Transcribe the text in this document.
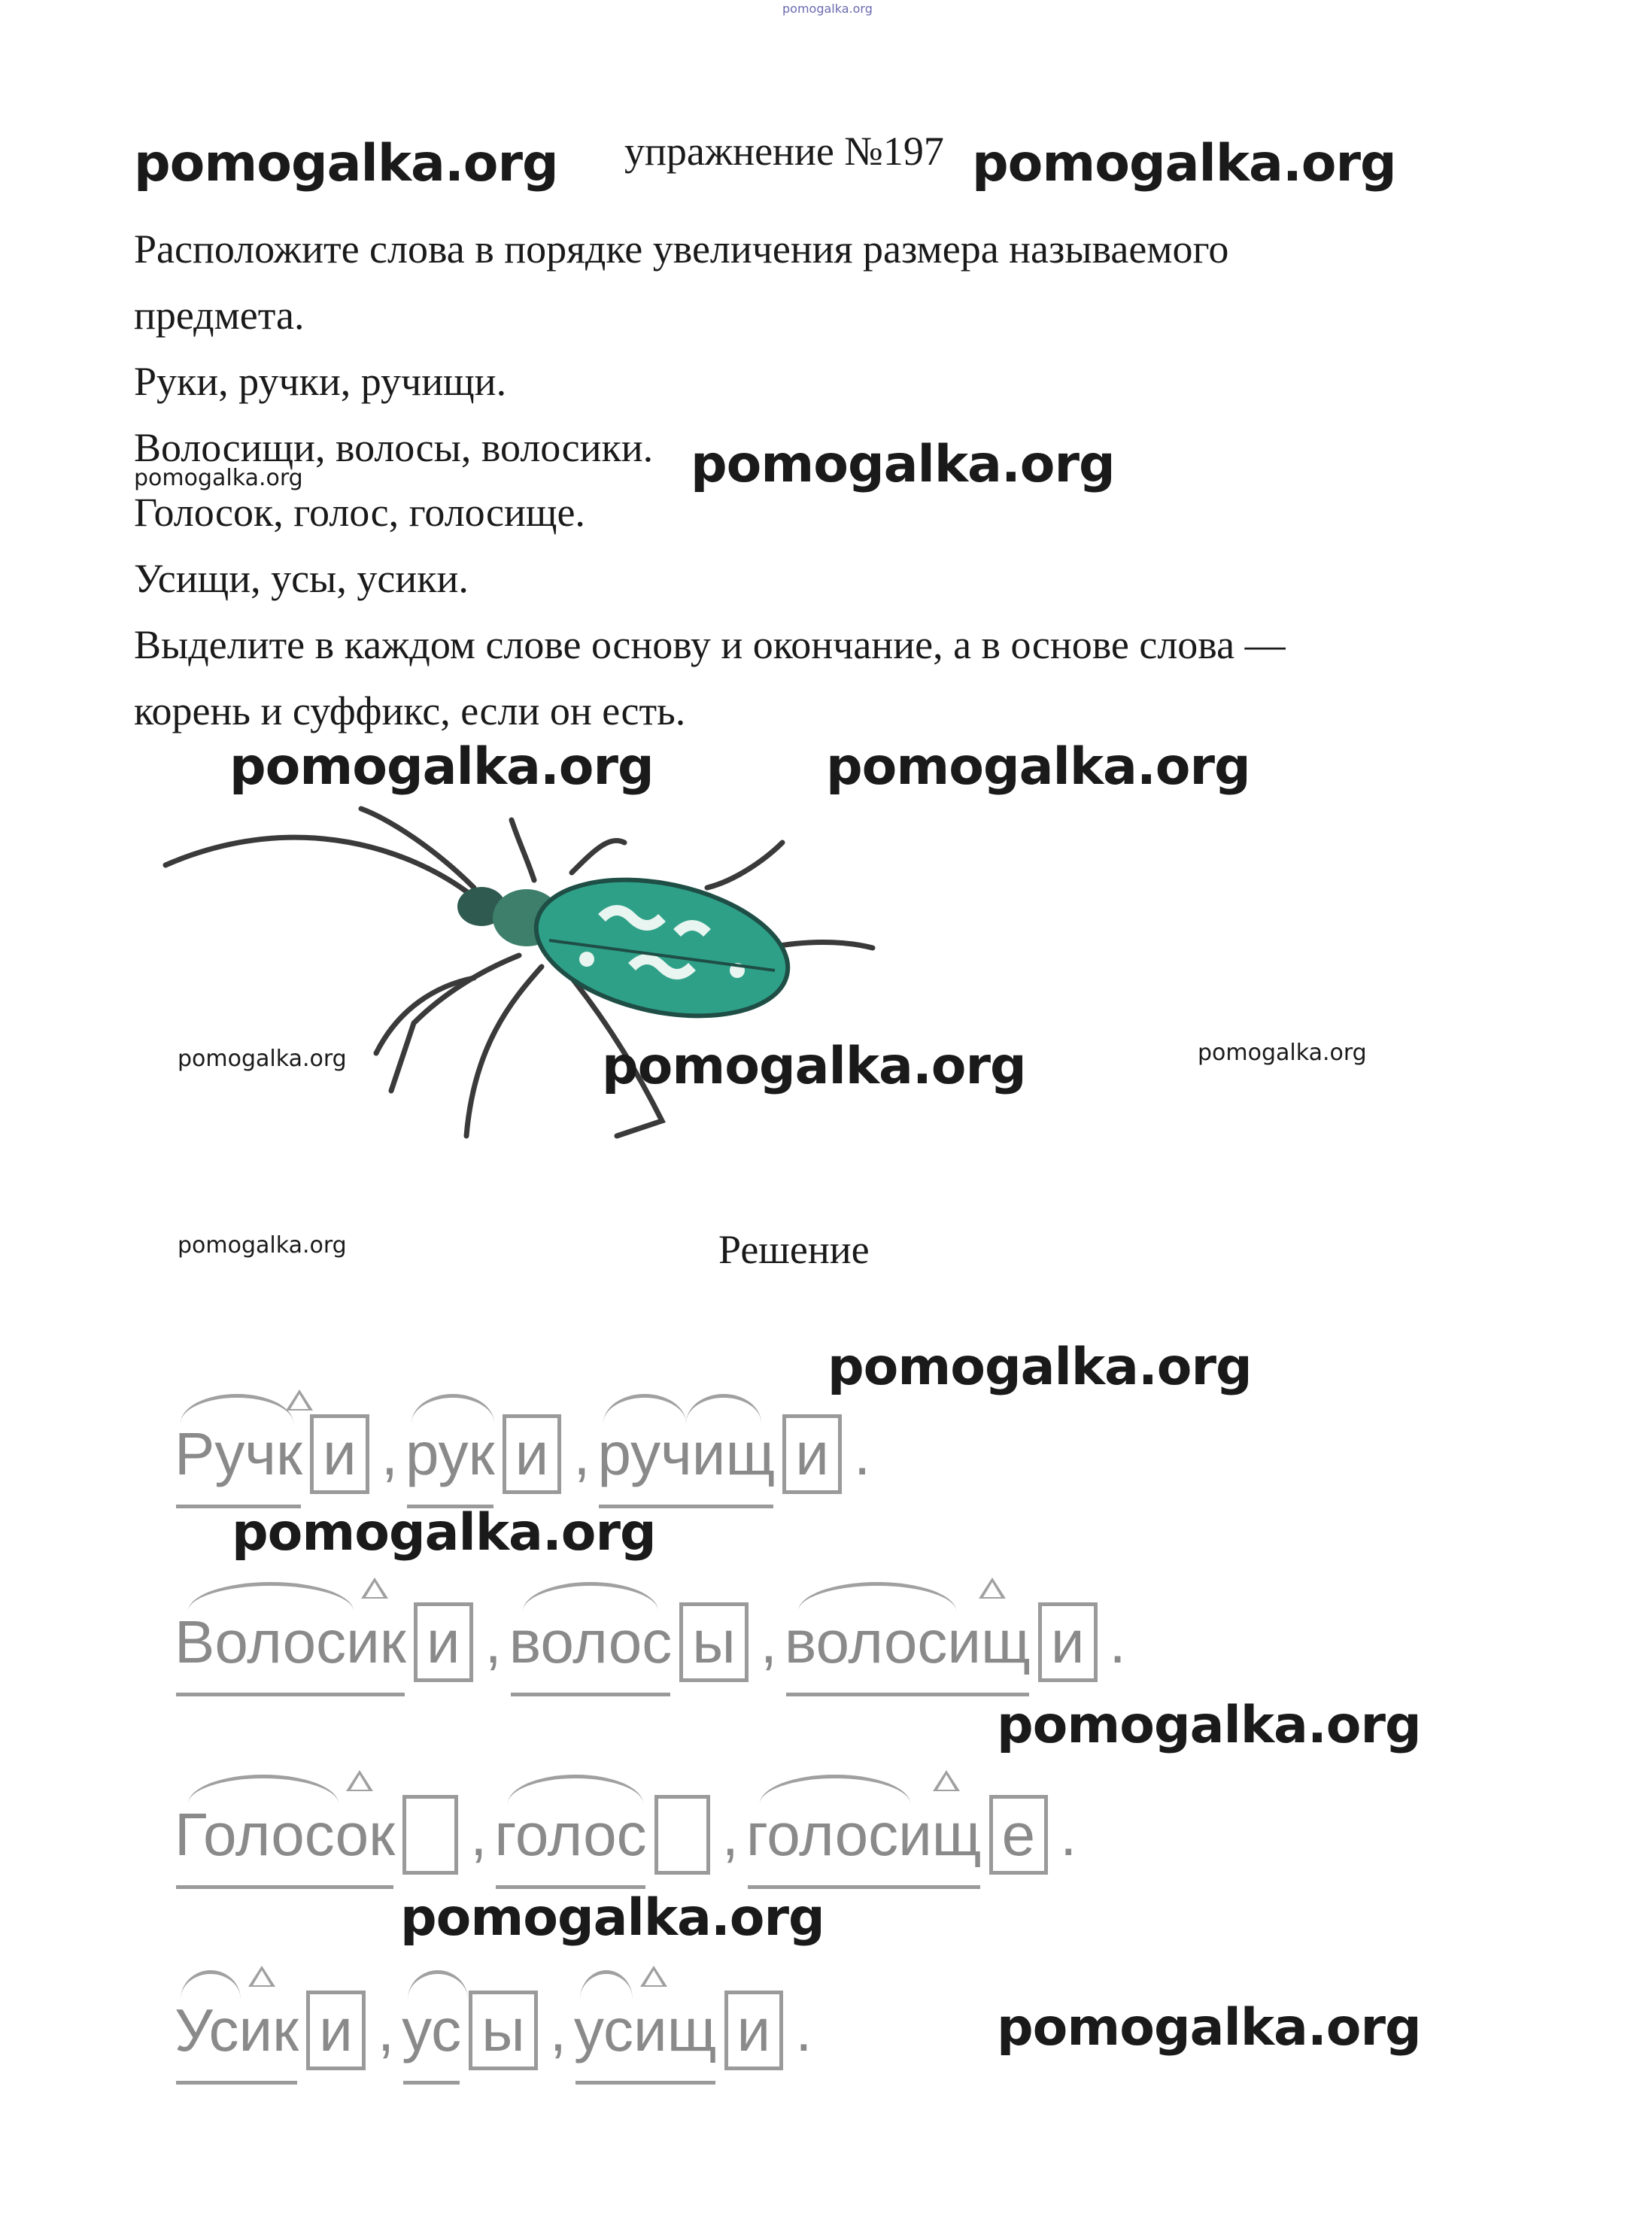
pomogalka.org
pomogalka.org упражнение №197 pomogalka.org
Расположите слова в порядке увеличения размера называемого
предмета.
Руки, ручки, ручищи.
Волосищи, волосы, волосики.
pomogalka.org	pomogalka.org
Голосок, голос, голосище.
Усищи, усы, усики.
Выделите в каждом слове основу и окончание, а в основе слова —
корень и суффикс, если он есть.
pomogalka.org	pomogalka.org
pomogalka.org	pomogalka.org	pomogalka.org
pomogalka.org	Решение
pomogalka.org
Ручк и , рук и , ручищ и .
pomogalka.org
Волосик и , волос ы , волосищ и .
pomogalka.org
Голосок , голос , голосищ е .
pomogalka.org
Усик и , ус ы , усищ и .	pomogalka.org
